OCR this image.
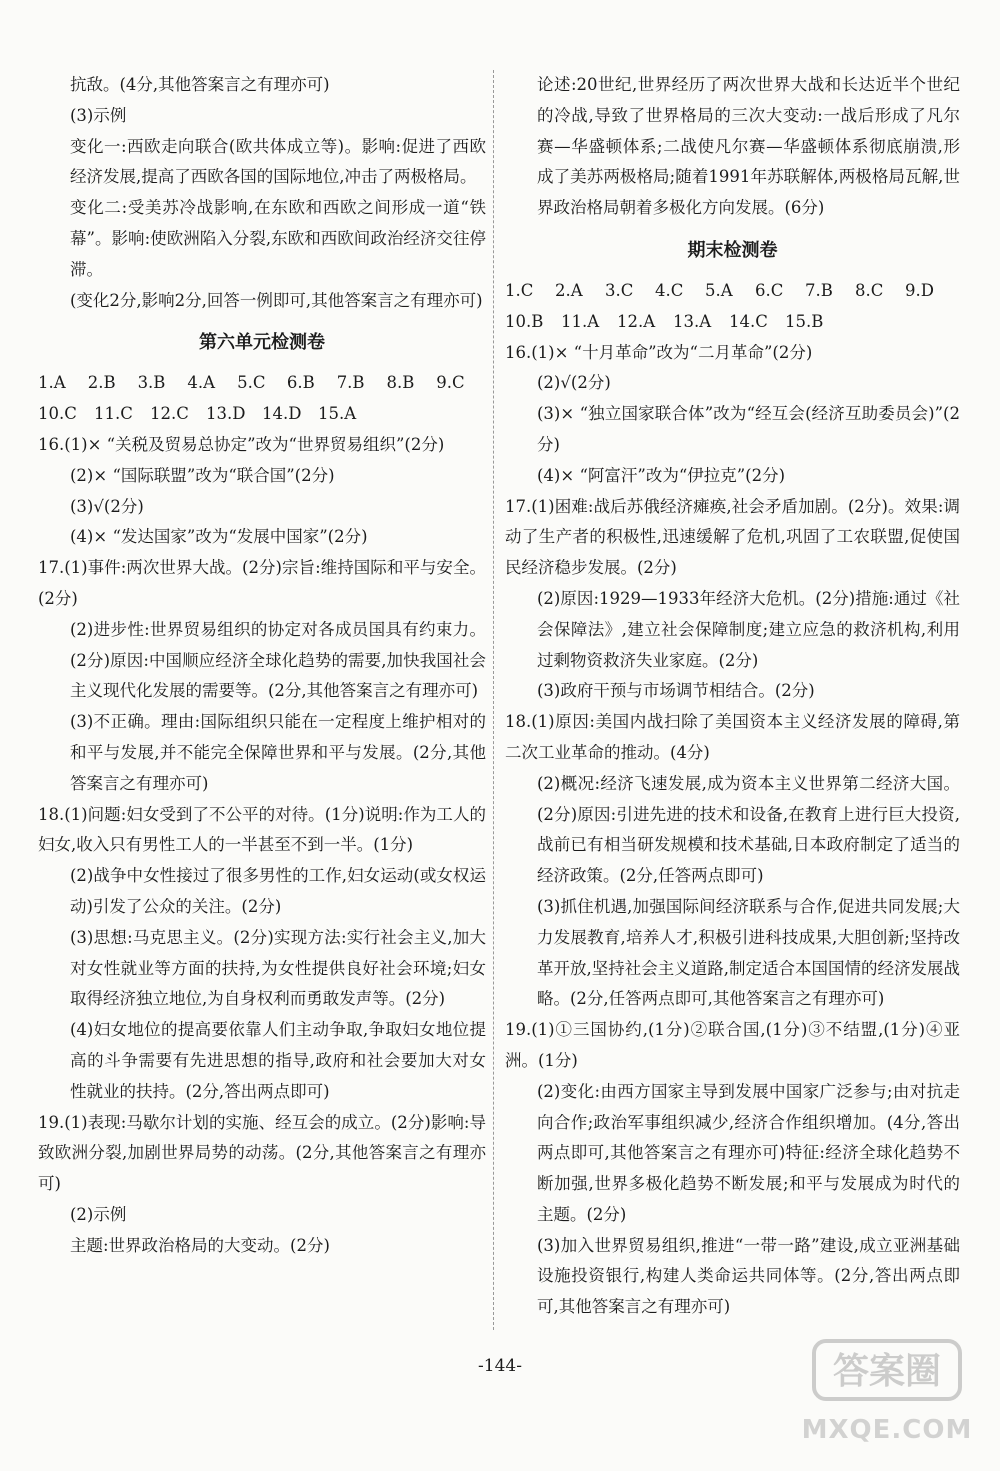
抗敌。(4分,其他答案言之有理亦可)

(3)示例

变化一:西欧走向联合(欧共体成立等)。影响:促进了西欧经济发展,提高了西欧各国的国际地位,冲击了两极格局。

变化二:受美苏冷战影响,在东欧和西欧之间形成一道“铁幕”。影响:使欧洲陷入分裂,东欧和西欧间政治经济交往停滞。

(变化2分,影响2分,回答一例即可,其他答案言之有理亦可)

第六单元检测卷
1.A	2.B	3.B	4.A	5.C	6.B	7.B	8.B	9.C
10.C	11.C	12.C	13.D	14.D	15.A

16.(1)× “关税及贸易总协定”改为“世界贸易组织”(2分)

(2)× “国际联盟”改为“联合国”(2分)

(3)√(2分)

(4)× “发达国家”改为“发展中国家”(2分)

17.(1)事件:两次世界大战。(2分)宗旨:维持国际和平与安全。(2分)

(2)进步性:世界贸易组织的协定对各成员国具有约束力。(2分)原因:中国顺应经济全球化趋势的需要,加快我国社会主义现代化发展的需要等。(2分,其他答案言之有理亦可)

(3)不正确。理由:国际组织只能在一定程度上维护相对的和平与发展,并不能完全保障世界和平与发展。(2分,其他答案言之有理亦可)

18.(1)问题:妇女受到了不公平的对待。(1分)说明:作为工人的妇女,收入只有男性工人的一半甚至不到一半。(1分)

(2)战争中女性接过了很多男性的工作,妇女运动(或女权运动)引发了公众的关注。(2分)

(3)思想:马克思主义。(2分)实现方法:实行社会主义,加大对女性就业等方面的扶持,为女性提供良好社会环境;妇女取得经济独立地位,为自身权利而勇敢发声等。(2分)

(4)妇女地位的提高要依靠人们主动争取,争取妇女地位提高的斗争需要有先进思想的指导,政府和社会要加大对女性就业的扶持。(2分,答出两点即可)

19.(1)表现:马歇尔计划的实施、经互会的成立。(2分)影响:导致欧洲分裂,加剧世界局势的动荡。(2分,其他答案言之有理亦可)

(2)示例

主题:世界政治格局的大变动。(2分)

论述:20世纪,世界经历了两次世界大战和长达近半个世纪的冷战,导致了世界格局的三次大变动:一战后形成了凡尔赛—华盛顿体系;二战使凡尔赛—华盛顿体系彻底崩溃,形成了美苏两极格局;随着1991年苏联解体,两极格局瓦解,世界政治格局朝着多极化方向发展。(6分)

期末检测卷
1.C	2.A	3.C	4.C	5.A	6.C	7.B	8.C	9.D
10.B	11.A	12.A	13.A	14.C	15.B

16.(1)× “十月革命”改为“二月革命”(2分)

(2)√(2分)

(3)× “独立国家联合体”改为“经互会(经济互助委员会)”(2分)

(4)× “阿富汗”改为“伊拉克”(2分)

17.(1)困难:战后苏俄经济瘫痪,社会矛盾加剧。(2分)。效果:调动了生产者的积极性,迅速缓解了危机,巩固了工农联盟,促使国民经济稳步发展。(2分)

(2)原因:1929—1933年经济大危机。(2分)措施:通过《社会保障法》,建立社会保障制度;建立应急的救济机构,利用过剩物资救济失业家庭。(2分)

(3)政府干预与市场调节相结合。(2分)

18.(1)原因:美国内战扫除了美国资本主义经济发展的障碍,第二次工业革命的推动。(4分)

(2)概况:经济飞速发展,成为资本主义世界第二经济大国。(2分)原因:引进先进的技术和设备,在教育上进行巨大投资,战前已有相当研发规模和技术基础,日本政府制定了适当的经济政策。(2分,任答两点即可)

(3)抓住机遇,加强国际间经济联系与合作,促进共同发展;大力发展教育,培养人才,积极引进科技成果,大胆创新;坚持改革开放,坚持社会主义道路,制定适合本国国情的经济发展战略。(2分,任答两点即可,其他答案言之有理亦可)

19.(1)①三国协约,(1分)②联合国,(1分)③不结盟,(1分)④亚洲。(1分)

(2)变化:由西方国家主导到发展中国家广泛参与;由对抗走向合作;政治军事组织减少,经济合作组织增加。(4分,答出两点即可,其他答案言之有理亦可)特征:经济全球化趋势不断加强,世界多极化趋势不断发展;和平与发展成为时代的主题。(2分)

(3)加入世界贸易组织,推进“一带一路”建设,成立亚洲基础设施投资银行,构建人类命运共同体等。(2分,答出两点即可,其他答案言之有理亦可)

-144-	答案圈
MXQE.COM
